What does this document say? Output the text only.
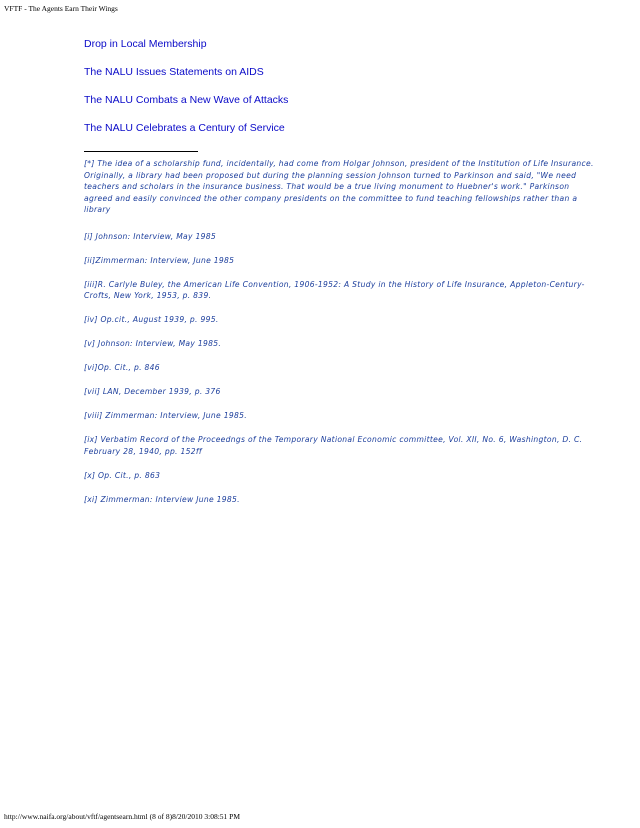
VFTF - The Agents Earn Their Wings
Drop in Local Membership
The NALU Issues Statements on AIDS
The NALU Combats a New Wave of Attacks
The NALU Celebrates a Century of Service

[*] The idea of a scholarship fund, incidentally, had come from Holgar Johnson, president of the Institution of Life Insurance. Originally, a library had been proposed but during the planning session Johnson turned to Parkinson and said, "We need teachers and scholars in the insurance business. That would be a true living monument to Huebner's work." Parkinson agreed and easily convinced the other company presidents on the committee to fund teaching fellowships rather than a library

[i] Johnson: Interview, May 1985

[ii]Zimmerman: Interview, June 1985

[iii]R. Carlyle Buley, the American Life Convention, 1906-1952: A Study in the History of Life Insurance, Appleton-Century-Crofts, New York, 1953, p. 839.

[iv] Op.cit., August 1939, p. 995.

[v] Johnson: Interview, May 1985.

[vi]Op. Cit., p. 846

[vii] LAN, December 1939, p. 376

[viii] Zimmerman: Interview, June 1985.

[ix] Verbatim Record of the Proceedngs of the Temporary National Economic committee, Vol. XII, No. 6, Washington, D. C. February 28, 1940, pp. 152ff

[x] Op. Cit., p. 863

[xi] Zimmerman: Interview June 1985.

http://www.naifa.org/about/vftf/agentsearn.html (8 of 8)8/20/2010 3:08:51 PM
